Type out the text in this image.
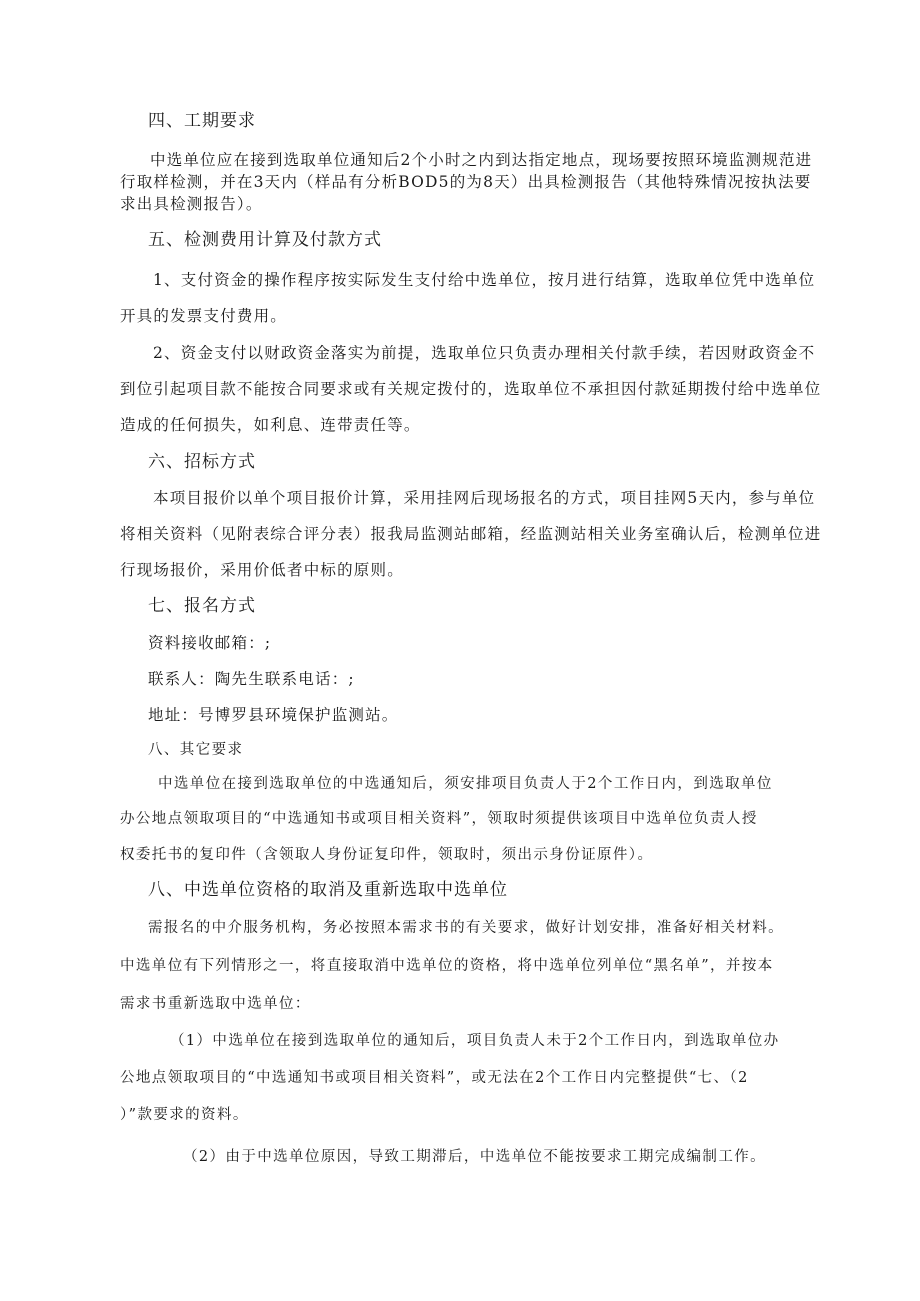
四、工期要求
中选单位应在接到选取单位通知后2个小时之内到达指定地点，现场要按照环境监测规范进
行取样检测，并在3天内（样品有分析BOD5的为8天）出具检测报告（其他特殊情况按执法要
求出具检测报告）。
五、检测费用计算及付款方式
1、支付资金的操作程序按实际发生支付给中选单位，按月进行结算，选取单位凭中选单位
开具的发票支付费用。
2、资金支付以财政资金落实为前提，选取单位只负责办理相关付款手续，若因财政资金不
到位引起项目款不能按合同要求或有关规定拨付的，选取单位不承担因付款延期拨付给中选单位
造成的任何损失，如利息、连带责任等。
六、招标方式
本项目报价以单个项目报价计算，采用挂网后现场报名的方式，项目挂网5天内，参与单位
将相关资料（见附表综合评分表）报我局监测站邮箱，经监测站相关业务室确认后，检测单位进
行现场报价，采用价低者中标的原则。
七、报名方式
资料接收邮箱：;
联系人：陶先生联系电话：;
地址：号博罗县环境保护监测站。
八、其它要求
中选单位在接到选取单位的中选通知后，须安排项目负责人于2个工作日内，到选取单位
办公地点领取项目的“中选通知书或项目相关资料”，领取时须提供该项目中选单位负责人授
权委托书的复印件（含领取人身份证复印件，领取时，须出示身份证原件）。
八、中选单位资格的取消及重新选取中选单位
需报名的中介服务机构，务必按照本需求书的有关要求，做好计划安排，准备好相关材料。
中选单位有下列情形之一，将直接取消中选单位的资格，将中选单位列单位“黑名单”，并按本
需求书重新选取中选单位：
（1）中选单位在接到选取单位的通知后，项目负责人未于2个工作日内，到选取单位办
公地点领取项目的“中选通知书或项目相关资料”，或无法在2个工作日内完整提供“七、（2
）”款要求的资料。
（2）由于中选单位原因，导致工期滞后，中选单位不能按要求工期完成编制工作。
